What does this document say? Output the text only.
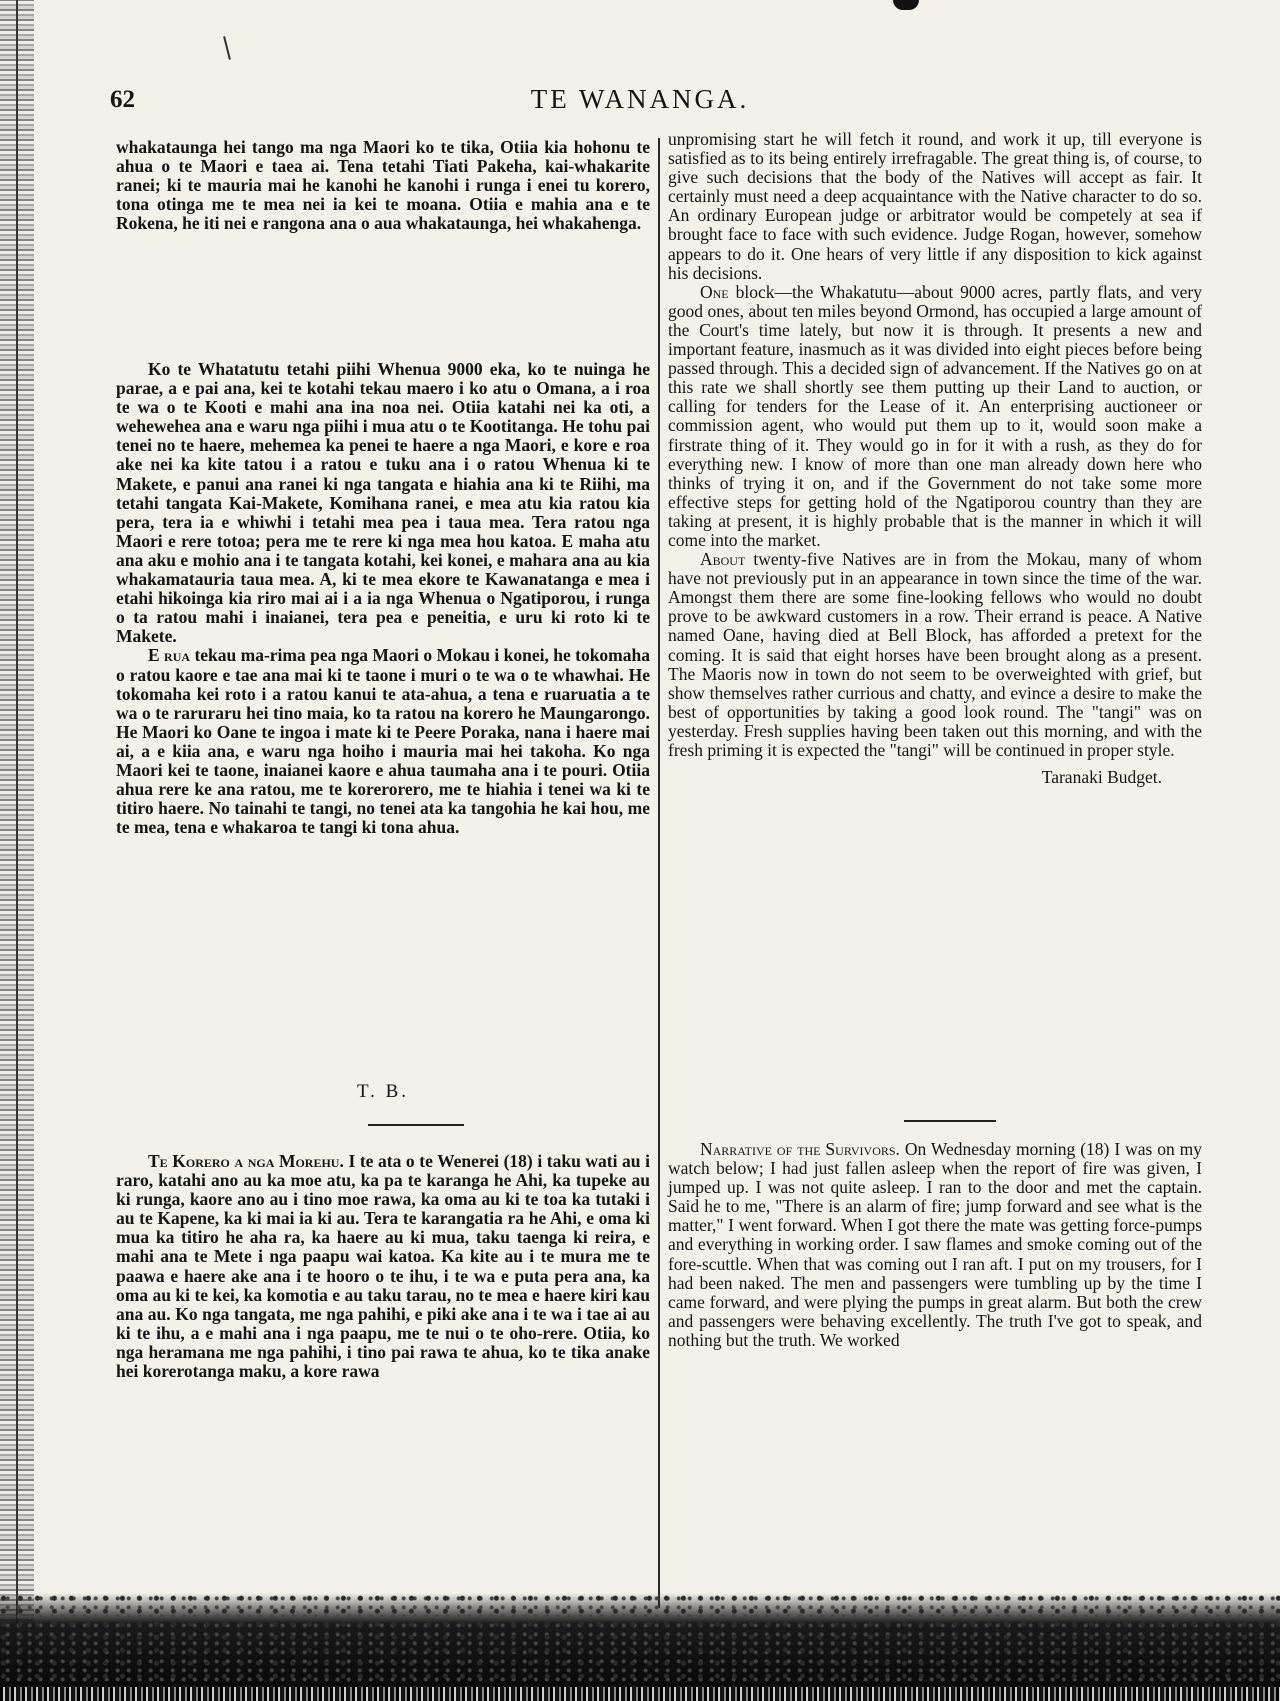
62	TE WANANGA.

whakataunga hei tango ma nga Maori ko te tika, Otiia kia hohonu te ahua o te Maori e taea ai. Tena tetahi Tiati Pakeha, kai-whakarite ranei; ki te mauria mai he kanohi he kanohi i runga i enei tu korero, tona otinga me te mea nei ia kei te moana. Otiia e mahia ana e te Rokena, he iti nei e rangona ana o aua whakataunga, hei whakahenga.

Ko te Whatatutu tetahi piihi Whenua 9000 eka, ko te nuinga he parae, a e pai ana, kei te kotahi tekau maero i ko atu o Omana, a i roa te wa o te Kooti e mahi ana ina noa nei. Otiia katahi nei ka oti, a wehewehea ana e waru nga piihi i mua atu o te Kootitanga. He tohu pai tenei no te haere, mehemea ka penei te haere a nga Maori, e kore e roa ake nei ka kite tatou i a ratou e tuku ana i o ratou Whenua ki te Makete, e panui ana ranei ki nga tangata e hiahia ana ki te Riihi, ma tetahi tangata Kai-Makete, Komihana ranei, e mea atu kia ratou kia pera, tera ia e whiwhi i tetahi mea pea i taua mea. Tera ratou nga Maori e rere totoa; pera me te rere ki nga mea hou katoa. E maha atu ana aku e mohio ana i te tangata kotahi, kei konei, e mahara ana au kia whakamatauria taua mea. A, ki te mea ekore te Kawanatanga e mea i etahi hikoinga kia riro mai ai i a ia nga Whenua o Ngatiporou, i runga o ta ratou mahi i inaianei, tera pea e peneitia, e uru ki roto ki te Makete.

E rua tekau ma-rima pea nga Maori o Mokau i konei, he tokomaha o ratou kaore e tae ana mai ki te taone i muri o te wa o te whawhai. He tokomaha kei roto i a ratou kanui te ata-ahua, a tena e ruaruatia a te wa o te raruraru hei tino maia, ko ta ratou na korero he Maungarongo. He Maori ko Oane te ingoa i mate ki te Peere Poraka, nana i haere mai ai, a e kiia ana, e waru nga hoiho i mauria mai hei takoha. Ko nga Maori kei te taone, inaianei kaore e ahua taumaha ana i te pouri. Otiia ahua rere ke ana ratou, me te korerorero, me te hiahia i tenei wa ki te titiro haere. No tainahi te tangi, no tenei ata ka tangohia he kai hou, me te mea, tena e whakaroa te tangi ki tona ahua.

T. B.

Te Korero a nga Morehu. I te ata o te Wenerei (18) i taku wati au i raro, katahi ano au ka moe atu, ka pa te karanga he Ahi, ka tupeke au ki runga, kaore ano au i tino moe rawa, ka oma au ki te toa ka tutaki i au te Kapene, ka ki mai ia ki au. Tera te karangatia ra he Ahi, e oma ki mua ka titiro he aha ra, ka haere au ki mua, taku taenga ki reira, e mahi ana te Mete i nga paapu wai katoa. Ka kite au i te mura me te paawa e haere ake ana i te hooro o te ihu, i te wa e puta pera ana, ka oma au ki te kei, ka komotia e au taku tarau, no te mea e haere kiri kau ana au. Ko nga tangata, me nga pahihi, e piki ake ana i te wa i tae ai au ki te ihu, a e mahi ana i nga paapu, me te nui o te oho-rere. Otiia, ko nga heramana me nga pahihi, i tino pai rawa te ahua, ko te tika anake hei korerotanga maku, a kore rawa

unpromising start he will fetch it round, and work it up, till everyone is satisfied as to its being entirely irrefragable. The great thing is, of course, to give such decisions that the body of the Natives will accept as fair. It certainly must need a deep acquaintance with the Native character to do so. An ordinary European judge or arbitrator would be competely at sea if brought face to face with such evidence. Judge Rogan, however, somehow appears to do it. One hears of very little if any disposition to kick against his decisions.

One block—the Whakatutu—about 9000 acres, partly flats, and very good ones, about ten miles beyond Ormond, has occupied a large amount of the Court's time lately, but now it is through. It presents a new and important feature, inasmuch as it was divided into eight pieces before being passed through. This a decided sign of advancement. If the Natives go on at this rate we shall shortly see them putting up their Land to auction, or calling for tenders for the Lease of it. An enterprising auctioneer or commission agent, who would put them up to it, would soon make a firstrate thing of it. They would go in for it with a rush, as they do for everything new. I know of more than one man already down here who thinks of trying it on, and if the Government do not take some more effective steps for getting hold of the Ngatiporou country than they are taking at present, it is highly probable that is the manner in which it will come into the market.

About twenty-five Natives are in from the Mokau, many of whom have not previously put in an appearance in town since the time of the war. Amongst them there are some fine-looking fellows who would no doubt prove to be awkward customers in a row. Their errand is peace. A Native named Oane, having died at Bell Block, has afforded a pretext for the coming. It is said that eight horses have been brought along as a present. The Maoris now in town do not seem to be overweighted with grief, but show themselves rather currious and chatty, and evince a desire to make the best of opportunities by taking a good look round. The "tangi" was on yesterday. Fresh supplies having been taken out this morning, and with the fresh priming it is expected the "tangi" will be continued in proper style.

Taranaki Budget.

Narrative of the Survivors. On Wednesday morning (18) I was on my watch below; I had just fallen asleep when the report of fire was given, I jumped up. I was not quite asleep. I ran to the door and met the captain. Said he to me, "There is an alarm of fire; jump forward and see what is the matter," I went forward. When I got there the mate was getting force-pumps and everything in working order. I saw flames and smoke coming out of the fore-scuttle. When that was coming out I ran aft. I put on my trousers, for I had been naked. The men and passengers were tumbling up by the time I came forward, and were plying the pumps in great alarm. But both the crew and passengers were behaving excellently. The truth I've got to speak, and nothing but the truth. We worked
